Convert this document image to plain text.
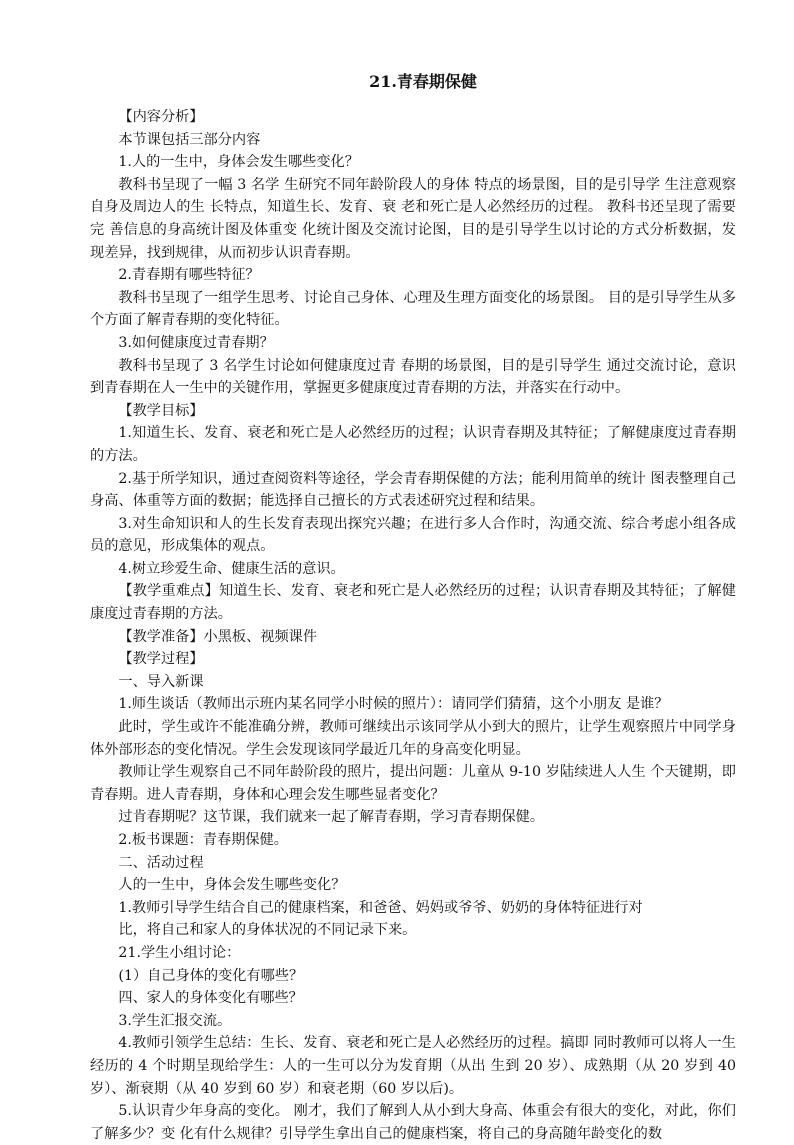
21.青春期保健

【内容分析】

本节课包括三部分内容

1.人的一生中，身体会发生哪些变化？

教科书呈现了一幅 3 名学 生研究不同年龄阶段人的身体 特点的场景图，目的是引导学 生注意观察自身及周边人的生 长特点，知道生长、发育、衰 老和死亡是人必然经历的过程。 教科书还呈现了需要完 善信息的身高统计图及体重变 化统计图及交流讨论图，目的是引导学生以讨论的方式分析数据，发现差异，找到规律，从而初步认识青春期。

2.青春期有哪些特征？

教科书呈现了一组学生思考、讨论自己身体、心理及生理方面变化的场景图。 目的是引导学生从多个方面了解青春期的变化特征。

3.如何健康度过青春期？

教科书呈现了 3 名学生讨论如何健康度过青 春期的场景图，目的是引导学生 通过交流讨论，意识到青春期在人一生中的关键作用，掌握更多健康度过青春期的方法，并落实在行动中。

【教学目标】

1.知道生长、发育、衰老和死亡是人必然经历的过程；认识青春期及其特征；了解健康度过青春期的方法。

2.基于所学知识，通过查阅资料等途径，学会青春期保健的方法；能利用简单的统计 图表整理自己身高、体重等方面的数据；能选择自己擅长的方式表述研究过程和结果。

3.对生命知识和人的生长发育表现出探究兴趣；在进行多人合作时，沟通交流、综合考虑小组各成员的意见，形成集体的观点。

4.树立珍爱生命、健康生活的意识。

【教学重难点】知道生长、发育、衰老和死亡是人必然经历的过程；认识青春期及其特征；了解健 康度过青春期的方法。

【教学准备】小黑板、视频课件

【教学过程】

一、导入新课

1.师生谈话（教师出示班内某名同学小时候的照片）：请同学们猜猜，这个小朋友 是谁？

此时，学生或许不能准确分辨，教师可继续出示该同学从小到大的照片，让学生观察照片中同学身体外部形态的变化情况。学生会发现该同学最近几年的身高变化明显。

教师让学生观察自己不同年龄阶段的照片，提出问题：儿童从 9-10 岁陆续进人人生 个天键期，即青春期。进人青春期，身体和心理会发生哪些显者变化？

过肯春期呢？这节课，我们就来一起了解青春期，学习青春期保健。

2.板书课题：青春期保健。

二、活动过程

人的一生中，身体会发生哪些变化？

1.教师引导学生结合自己的健康档案，和爸爸、妈妈或爷爷、奶奶的身体特征进行对

比，将自己和家人的身体状况的不同记录下来。

21.学生小组讨论：

(1）自己身体的变化有哪些？

四、家人的身体变化有哪些？

3.学生汇报交流。

4.教师引领学生总结：生长、发育、衰老和死亡是人必然经历的过程。搞即 同时教师可以将人一生经历的 4 个时期呈现给学生：人的一生可以分为发育期（从出 生到 20 岁）、成熟期（从 20 岁到 40 岁）、渐衰期（从 40 岁到 60 岁）和衰老期（60 岁以后)。

5.认识青少年身高的变化。 刚才，我们了解到人从小到大身高、体重会有很大的变化，对此，你们了解多少？变 化有什么规律？引导学生拿出自己的健康档案，将自己的身高随年龄变化的数
